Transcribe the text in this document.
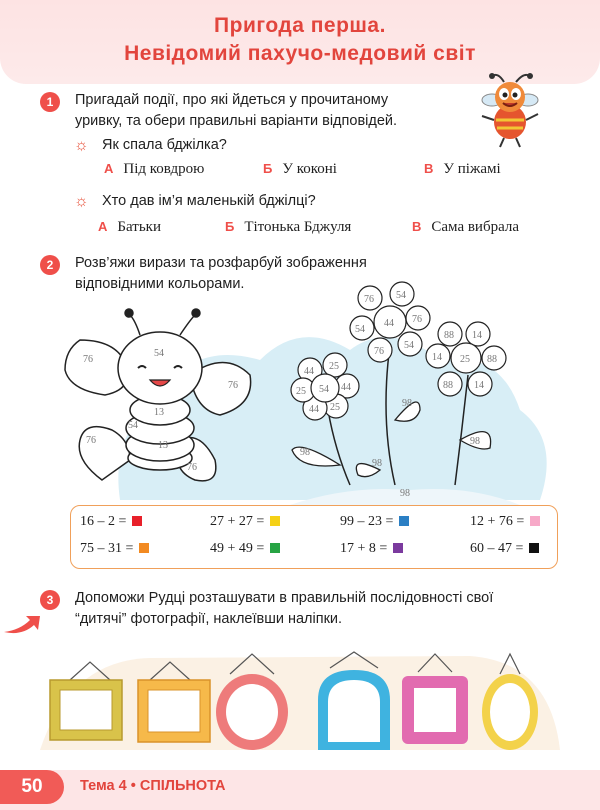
Пригода перша.
Невідомий пахучо-медовий світ
1	Пригадай події, про які йдеться у прочитаному
уривку, та обери правильні варіанти відповідей.
☼ Як спала бджілка?
А Під ковдрою	Б У коконі	В У піжамі
☼ Хто дав ім’я маленькій бджілці?
А Батьки	Б Тітонька Бджуля	В Сама вибрала
2	Розв’яжи вирази та розфарбуй зображення
відповідними кольорами.
76
76
76
76
54
13
54
13
98
98
98
98
98
44 25
44
25
44
25 54
76 54
76
54
76
54
44
88 14
88
14
88
14 25
16 – 2 =	27 + 27 =	99 – 23 =	12 + 76 =
75 – 31 =	49 + 49 =	17 + 8 =	60 – 47 =
3	Допоможи Рудці розташувати в правильній послідовності свої
“дитячі” фотографії, наклеївши наліпки.
50	Тема 4 • СПІЛЬНОТА
